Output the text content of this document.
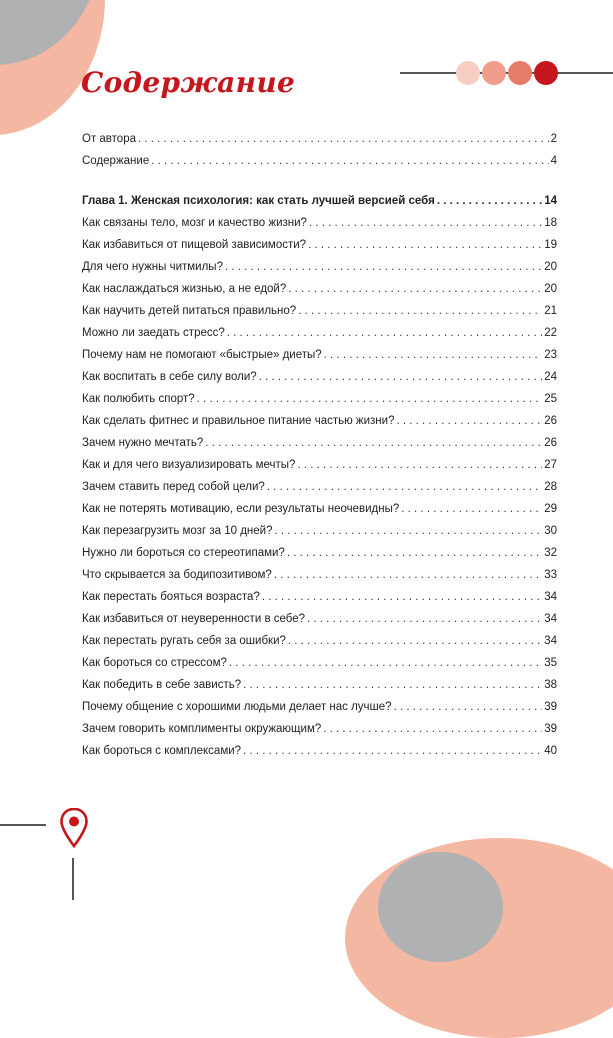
Содержание
От автора . . .	2
Содержание . . .	4
Глава 1. Женская психология: как стать лучшей версией себя . . .	14
Как связаны тело, мозг и качество жизни? . . .	18
Как избавиться от пищевой зависимости? . . .	19
Для чего нужны читмилы? . . .	20
Как наслаждаться жизнью, а не едой? . . .	20
Как научить детей питаться правильно? . . .	21
Можно ли заедать стресс? . . .	22
Почему нам не помогают «быстрые» диеты? . . .	23
Как воспитать в себе силу воли? . . .	24
Как полюбить спорт? . . .	25
Как сделать фитнес и правильное питание частью жизни? . . .	26
Зачем нужно мечтать? . . .	26
Как и для чего визуализировать мечты? . . .	27
Зачем ставить перед собой цели? . . .	28
Как не потерять мотивацию, если результаты неочевидны? . . .	29
Как перезагрузить мозг за 10 дней? . . .	30
Нужно ли бороться со стереотипами? . . .	32
Что скрывается за бодипозитивом? . . .	33
Как перестать бояться возраста? . . .	34
Как избавиться от неуверенности в себе? . . .	34
Как перестать ругать себя за ошибки? . . .	34
Как бороться со стрессом? . . .	35
Как победить в себе зависть? . . .	38
Почему общение с хорошими людьми делает нас лучше? . . .	39
Зачем говорить комплименты окружающим? . . .	39
Как бороться с комплексами? . . .	40
